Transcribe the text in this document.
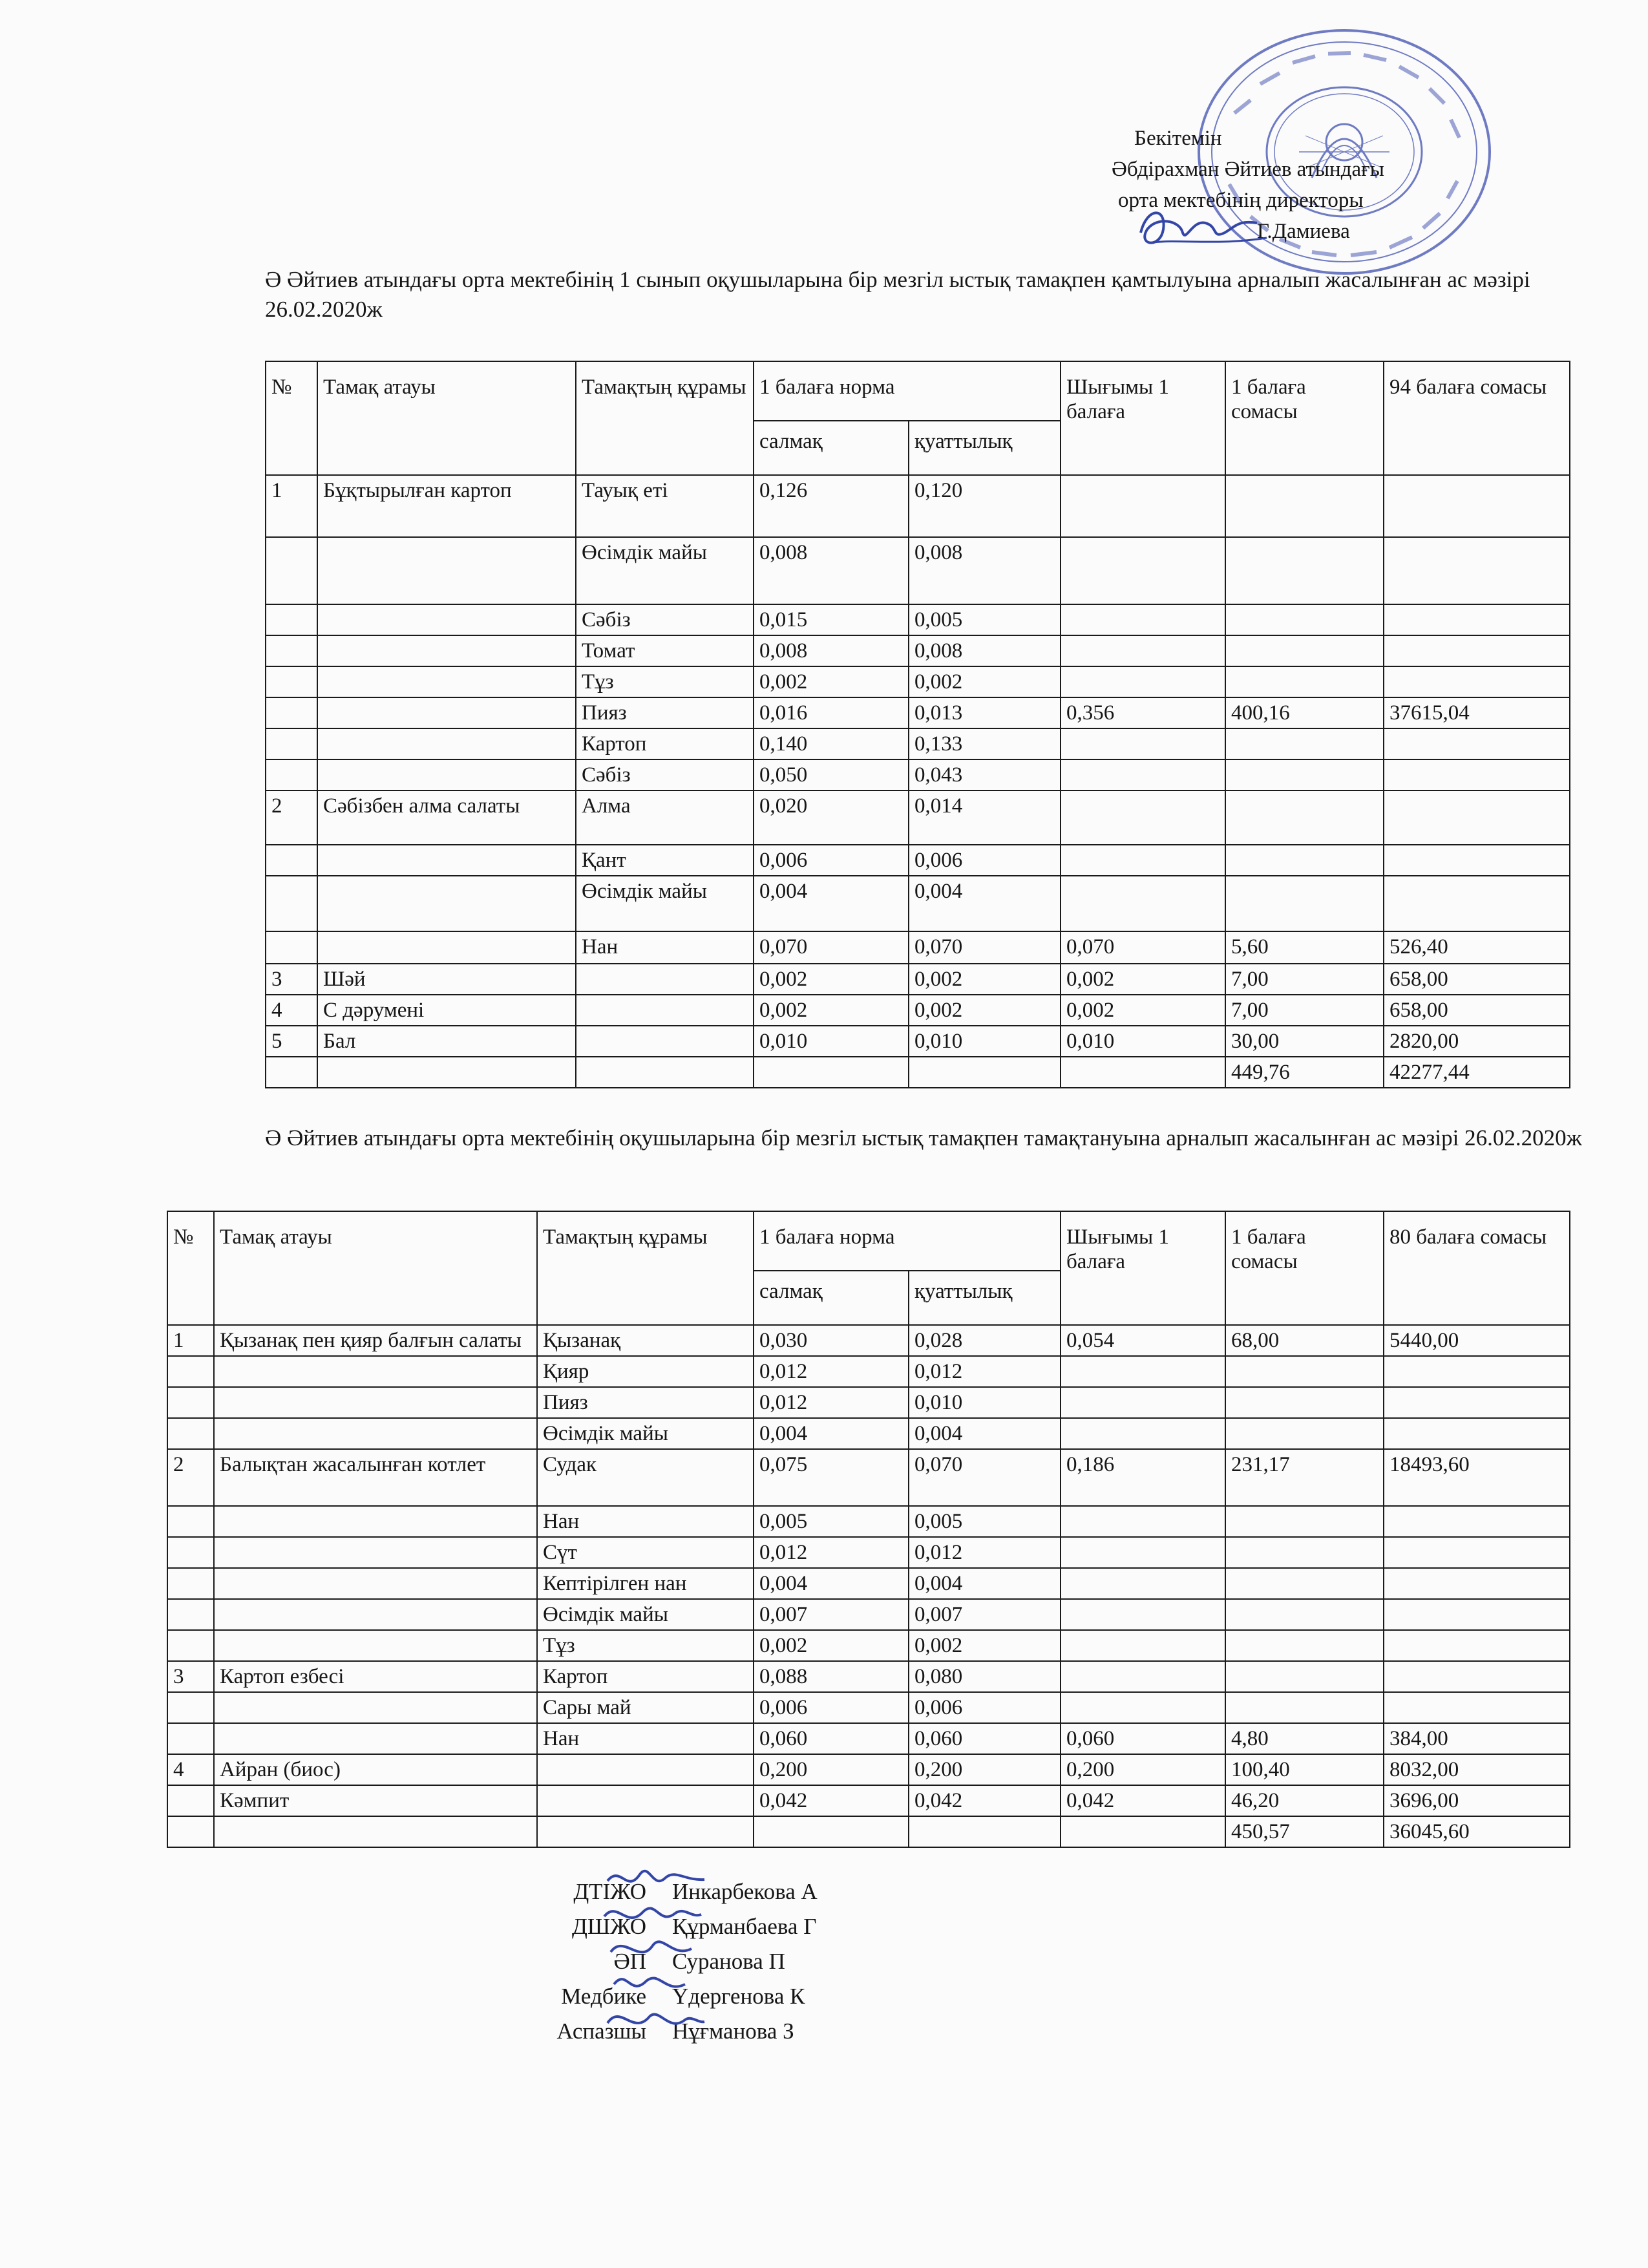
Бекітемін
Әбдірахман Әйтиев атындағы
орта мектебінің директоры
Г.Дамиева
Ә Әйтиев атындағы орта мектебінің 1 сынып оқушыларына бір мезгіл ыстық тамақпен қамтылуына арналып жасалынған ас мәзірі 26.02.2020ж
№	Тамақ атауы	Тамақтың құрамы	1 балаға норма		Шығымы 1 балаға	1 балаға сомасы	94 балаға сомасы
			салмақ	қуаттылық			
1	Бұқтырылған картоп	Тауық еті	0,126	0,120			
		Өсімдік майы	0,008	0,008			
		Сәбіз	0,015	0,005			
		Томат	0,008	0,008			
		Тұз	0,002	0,002			
		Пияз	0,016	0,013	0,356	400,16	37615,04
		Картоп	0,140	0,133			
		Сәбіз	0,050	0,043			
2	Сәбізбен алма салаты	Алма	0,020	0,014			
		Қант	0,006	0,006			
		Өсімдік майы	0,004	0,004			
		Нан	0,070	0,070	0,070	5,60	526,40
3	Шәй		0,002	0,002	0,002	7,00	658,00
4	С дәрумені		0,002	0,002	0,002	7,00	658,00
5	Бал		0,010	0,010	0,010	30,00	2820,00
						449,76	42277,44
Ә Әйтиев атындағы орта мектебінің оқушыларына бір мезгіл ыстық тамақпен тамақтануына арналып жасалынған ас мәзірі 26.02.2020ж
№	Тамақ атауы	Тамақтың құрамы	1 балаға норма		Шығымы 1 балаға	1 балаға сомасы	80 балаға сомасы
			салмақ	қуаттылық			
1	Қызанақ пен қияр балғын салаты	Қызанақ	0,030	0,028	0,054	68,00	5440,00
		Қияр	0,012	0,012			
		Пияз	0,012	0,010			
		Өсімдік майы	0,004	0,004			
2	Балықтан жасалынған котлет	Судак	0,075	0,070	0,186	231,17	18493,60
		Нан	0,005	0,005			
		Сүт	0,012	0,012			
		Кептірілген нан	0,004	0,004			
		Өсімдік майы	0,007	0,007			
		Тұз	0,002	0,002			
3	Картоп езбесі	Картоп	0,088	0,080			
		Сары май	0,006	0,006			
		Нан	0,060	0,060	0,060	4,80	384,00
4	Айран (биос)		0,200	0,200	0,200	100,40	8032,00
	Кәмпит		0,042	0,042	0,042	46,20	3696,00
						450,57	36045,60
ДТІЖО Инкарбекова А
ДШЖО Құрманбаева Г
ӘП Суранова П
Медбике Үдергенова К
Аспазшы Нұғманова З
